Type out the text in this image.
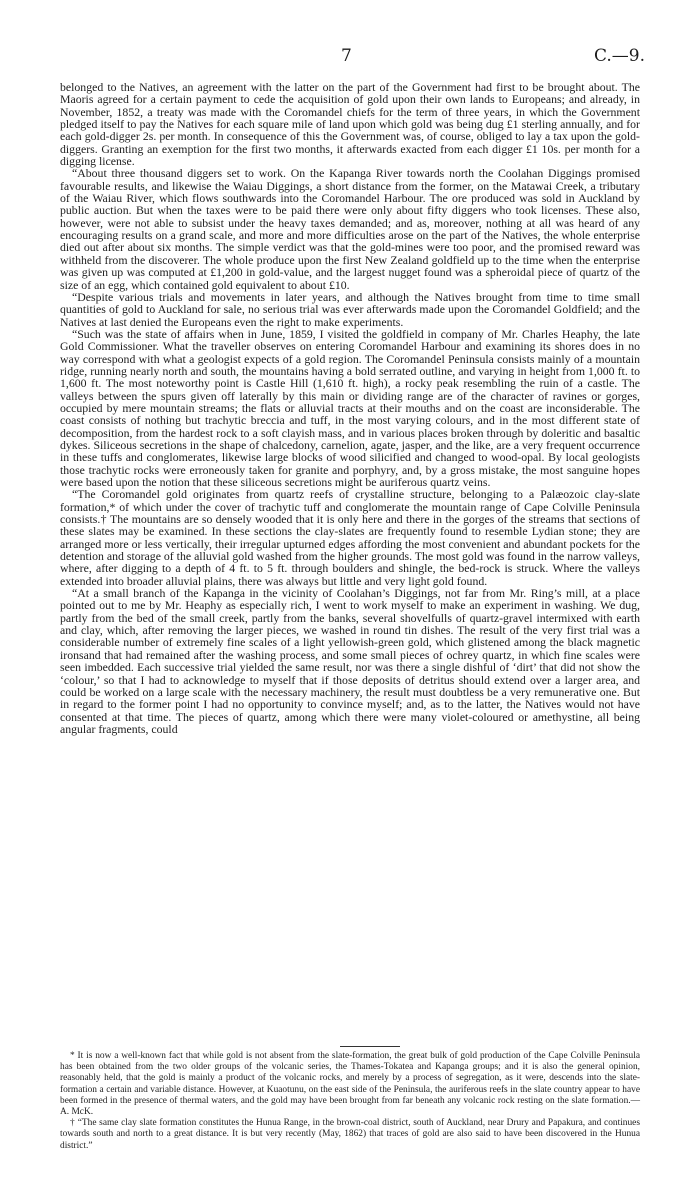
7	C.—9.

belonged to the Natives, an agreement with the latter on the part of the Government had first to be brought about. The Maoris agreed for a certain payment to cede the acquisition of gold upon their own lands to Europeans; and already, in November, 1852, a treaty was made with the Coromandel chiefs for the term of three years, in which the Government pledged itself to pay the Natives for each square mile of land upon which gold was being dug £1 sterling annually, and for each gold-digger 2s. per month. In consequence of this the Government was, of course, obliged to lay a tax upon the gold-diggers. Granting an exemption for the first two months, it afterwards exacted from each digger £1 10s. per month for a digging license.

“About three thousand diggers set to work. On the Kapanga River towards north the Coolahan Diggings promised favourable results, and likewise the Waiau Diggings, a short distance from the former, on the Matawai Creek, a tributary of the Waiau River, which flows southwards into the Coromandel Harbour. The ore produced was sold in Auckland by public auction. But when the taxes were to be paid there were only about fifty diggers who took licenses. These also, however, were not able to subsist under the heavy taxes demanded; and as, moreover, nothing at all was heard of any encouraging results on a grand scale, and more and more difficulties arose on the part of the Natives, the whole enterprise died out after about six months. The simple verdict was that the gold-mines were too poor, and the promised reward was withheld from the discoverer. The whole produce upon the first New Zealand goldfield up to the time when the enterprise was given up was computed at £1,200 in gold-value, and the largest nugget found was a spheroidal piece of quartz of the size of an egg, which contained gold equivalent to about £10.

“Despite various trials and movements in later years, and although the Natives brought from time to time small quantities of gold to Auckland for sale, no serious trial was ever afterwards made upon the Coromandel Goldfield; and the Natives at last denied the Europeans even the right to make experiments.

“Such was the state of affairs when in June, 1859, I visited the goldfield in company of Mr. Charles Heaphy, the late Gold Commissioner. What the traveller observes on entering Coromandel Harbour and examining its shores does in no way correspond with what a geologist expects of a gold region. The Coromandel Peninsula consists mainly of a mountain ridge, running nearly north and south, the mountains having a bold serrated outline, and varying in height from 1,000 ft. to 1,600 ft. The most noteworthy point is Castle Hill (1,610 ft. high), a rocky peak resembling the ruin of a castle. The valleys between the spurs given off laterally by this main or dividing range are of the character of ravines or gorges, occupied by mere mountain streams; the flats or alluvial tracts at their mouths and on the coast are inconsiderable. The coast consists of nothing but trachytic breccia and tuff, in the most varying colours, and in the most different state of decomposition, from the hardest rock to a soft clayish mass, and in various places broken through by doleritic and basaltic dykes. Siliceous secretions in the shape of chalcedony, carnelion, agate, jasper, and the like, are a very frequent occurrence in these tuffs and conglomerates, likewise large blocks of wood silicified and changed to wood-opal. By local geologists those trachytic rocks were erroneously taken for granite and porphyry, and, by a gross mistake, the most sanguine hopes were based upon the notion that these siliceous secretions might be auriferous quartz veins.

“The Coromandel gold originates from quartz reefs of crystalline structure, belonging to a Palæozoic clay-slate formation,* of which under the cover of trachytic tuff and conglomerate the mountain range of Cape Colville Peninsula consists.† The mountains are so densely wooded that it is only here and there in the gorges of the streams that sections of these slates may be examined. In these sections the clay-slates are frequently found to resemble Lydian stone; they are arranged more or less vertically, their irregular upturned edges affording the most convenient and abundant pockets for the detention and storage of the alluvial gold washed from the higher grounds. The most gold was found in the narrow valleys, where, after digging to a depth of 4 ft. to 5 ft. through boulders and shingle, the bed-rock is struck. Where the valleys extended into broader alluvial plains, there was always but little and very light gold found.

“At a small branch of the Kapanga in the vicinity of Coolahan’s Diggings, not far from Mr. Ring’s mill, at a place pointed out to me by Mr. Heaphy as especially rich, I went to work myself to make an experiment in washing. We dug, partly from the bed of the small creek, partly from the banks, several shovelfulls of quartz-gravel intermixed with earth and clay, which, after removing the larger pieces, we washed in round tin dishes. The result of the very first trial was a considerable number of extremely fine scales of a light yellowish-green gold, which glistened among the black magnetic ironsand that had remained after the washing process, and some small pieces of ochrey quartz, in which fine scales were seen imbedded. Each successive trial yielded the same result, nor was there a single dishful of ‘dirt’ that did not show the ‘colour,’ so that I had to acknowledge to myself that if those deposits of detritus should extend over a larger area, and could be worked on a large scale with the necessary machinery, the result must doubtless be a very remunerative one. But in regard to the former point I had no opportunity to convince myself; and, as to the latter, the Natives would not have consented at that time. The pieces of quartz, among which there were many violet-coloured or amethystine, all being angular fragments, could

* It is now a well-known fact that while gold is not absent from the slate-formation, the great bulk of gold production of the Cape Colville Peninsula has been obtained from the two older groups of the volcanic series, the Thames-Tokatea and Kapanga groups; and it is also the general opinion, reasonably held, that the gold is mainly a product of the volcanic rocks, and merely by a process of segregation, as it were, descends into the slate-formation a certain and variable distance. However, at Kuaotunu, on the east side of the Peninsula, the auriferous reefs in the slate country appear to have been formed in the presence of thermal waters, and the gold may have been brought from far beneath any volcanic rock resting on the slate formation.—A. McK.

† “The same clay slate formation constitutes the Hunua Range, in the brown-coal district, south of Auckland, near Drury and Papakura, and continues towards south and north to a great distance. It is but very recently (May, 1862) that traces of gold are also said to have been discovered in the Hunua district.”
